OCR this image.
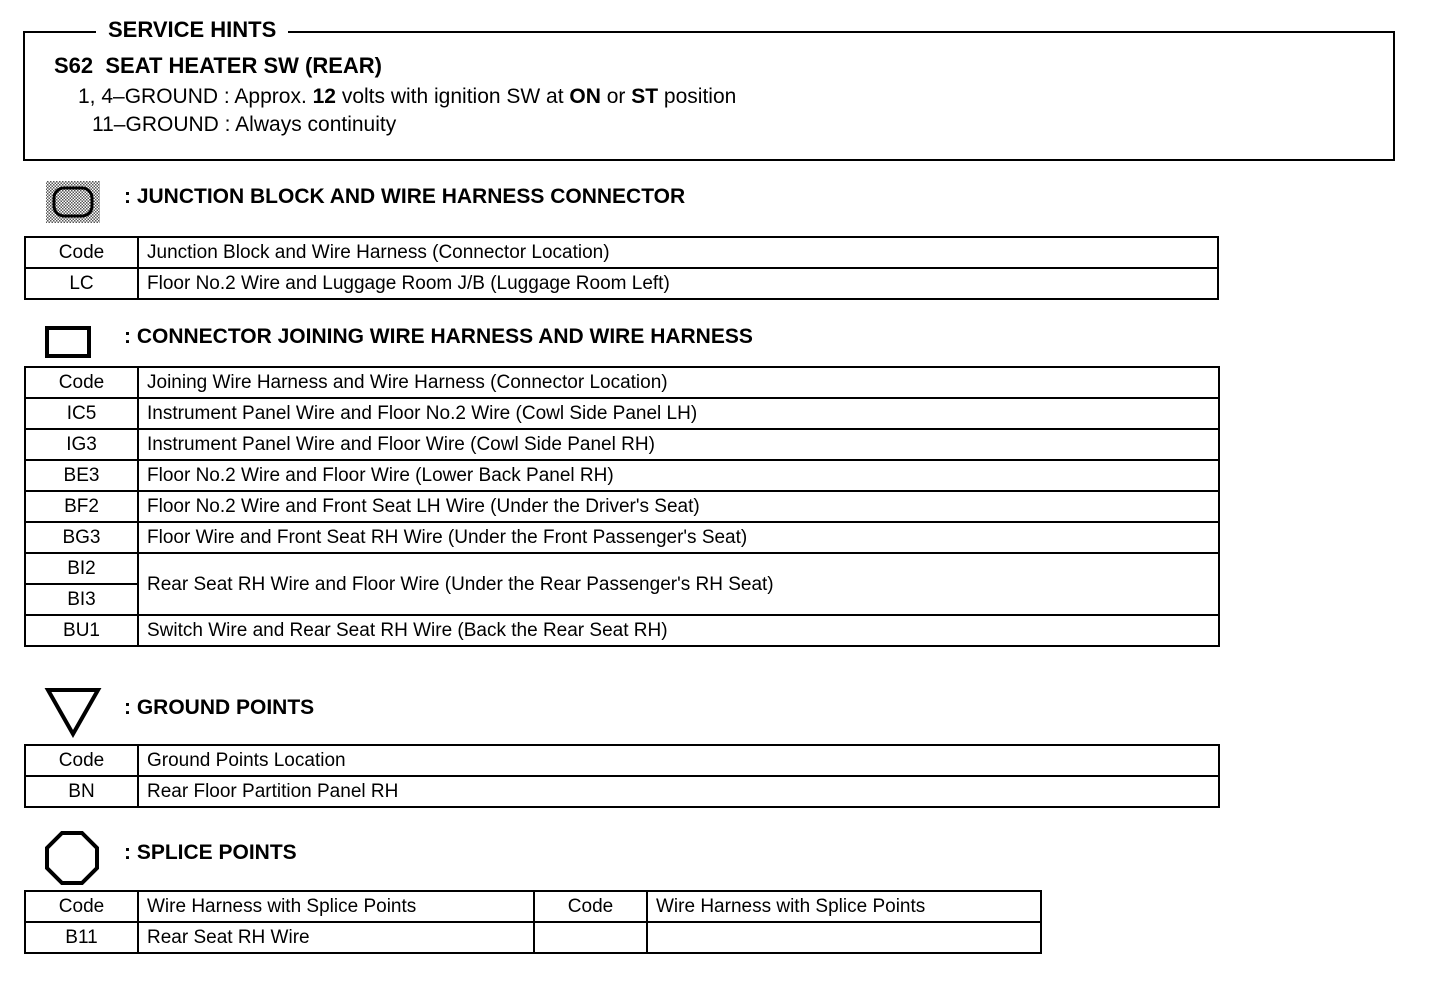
SERVICE HINTS
S62  SEAT HEATER SW (REAR)
1, 4–GROUND : Approx. 12 volts with ignition SW at ON or ST position
11–GROUND : Always continuity
: JUNCTION BLOCK AND WIRE HARNESS CONNECTOR
Code	Junction Block and Wire Harness (Connector Location)
LC	Floor No.2 Wire and Luggage Room J/B (Luggage Room Left)
: CONNECTOR JOINING WIRE HARNESS AND WIRE HARNESS
Code	Joining Wire Harness and Wire Harness (Connector Location)
IC5	Instrument Panel Wire and Floor No.2 Wire (Cowl Side Panel LH)
IG3	Instrument Panel Wire and Floor Wire (Cowl Side Panel RH)
BE3	Floor No.2 Wire and Floor Wire (Lower Back Panel RH)
BF2	Floor No.2 Wire and Front Seat LH Wire (Under the Driver's Seat)
BG3	Floor Wire and Front Seat RH Wire (Under the Front Passenger's Seat)
BI2	Rear Seat RH Wire and Floor Wire (Under the Rear Passenger's RH Seat)
BI3	
BU1	Switch Wire and Rear Seat RH Wire (Back the Rear Seat RH)
: GROUND POINTS
Code	Ground Points Location
BN	Rear Floor Partition Panel RH
: SPLICE POINTS
Code	Wire Harness with Splice Points	Code	Wire Harness with Splice Points
B11	Rear Seat RH Wire		
